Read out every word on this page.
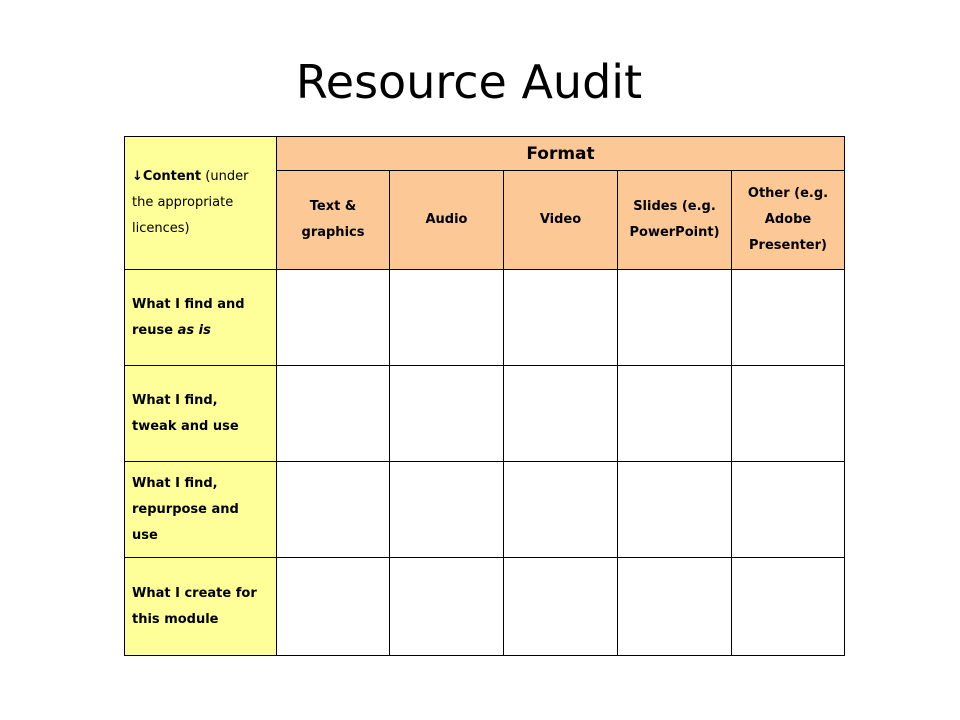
Resource Audit
↓Content (under the appropriate licences)	Format				
	Text & graphics	Audio	Video	Slides (e.g. PowerPoint)	Other (e.g. Adobe Presenter)
What I find and reuse as is					
What I find, tweak and use					
What I find, repurpose and use					
What I create for this module					
